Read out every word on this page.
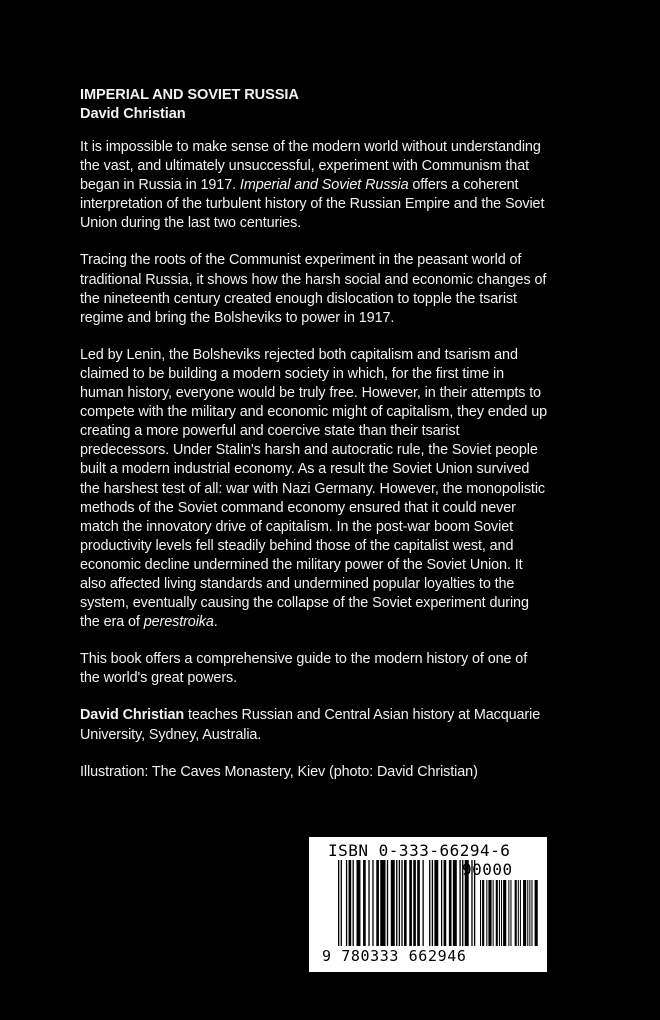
IMPERIAL AND SOVIET RUSSIA
David Christian

It is impossible to make sense of the modern world without understanding the vast, and ultimately unsuccessful, experiment with Communism that began in Russia in 1917. Imperial and Soviet Russia offers a coherent interpretation of the turbulent history of the Russian Empire and the Soviet Union during the last two centuries.

Tracing the roots of the Communist experiment in the peasant world of traditional Russia, it shows how the harsh social and economic changes of the nineteenth century created enough dislocation to topple the tsarist regime and bring the Bolsheviks to power in 1917.

Led by Lenin, the Bolsheviks rejected both capitalism and tsarism and claimed to be building a modern society in which, for the first time in human history, everyone would be truly free. However, in their attempts to compete with the military and economic might of capitalism, they ended up creating a more powerful and coercive state than their tsarist predecessors. Under Stalin's harsh and autocratic rule, the Soviet people built a modern industrial economy. As a result the Soviet Union survived the harshest test of all: war with Nazi Germany. However, the monopolistic methods of the Soviet command economy ensured that it could never match the innovatory drive of capitalism. In the post-war boom Soviet productivity levels fell steadily behind those of the capitalist west, and economic decline undermined the military power of the Soviet Union. It also affected living standards and undermined popular loyalties to the system, eventually causing the collapse of the Soviet experiment during the era of perestroika.

This book offers a comprehensive guide to the modern history of one of the world's great powers.

David Christian teaches Russian and Central Asian history at Macquarie University, Sydney, Australia.

Illustration: The Caves Monastery, Kiev (photo: David Christian)

ISBN 0-333-66294-6
90000
9 780333 662946
